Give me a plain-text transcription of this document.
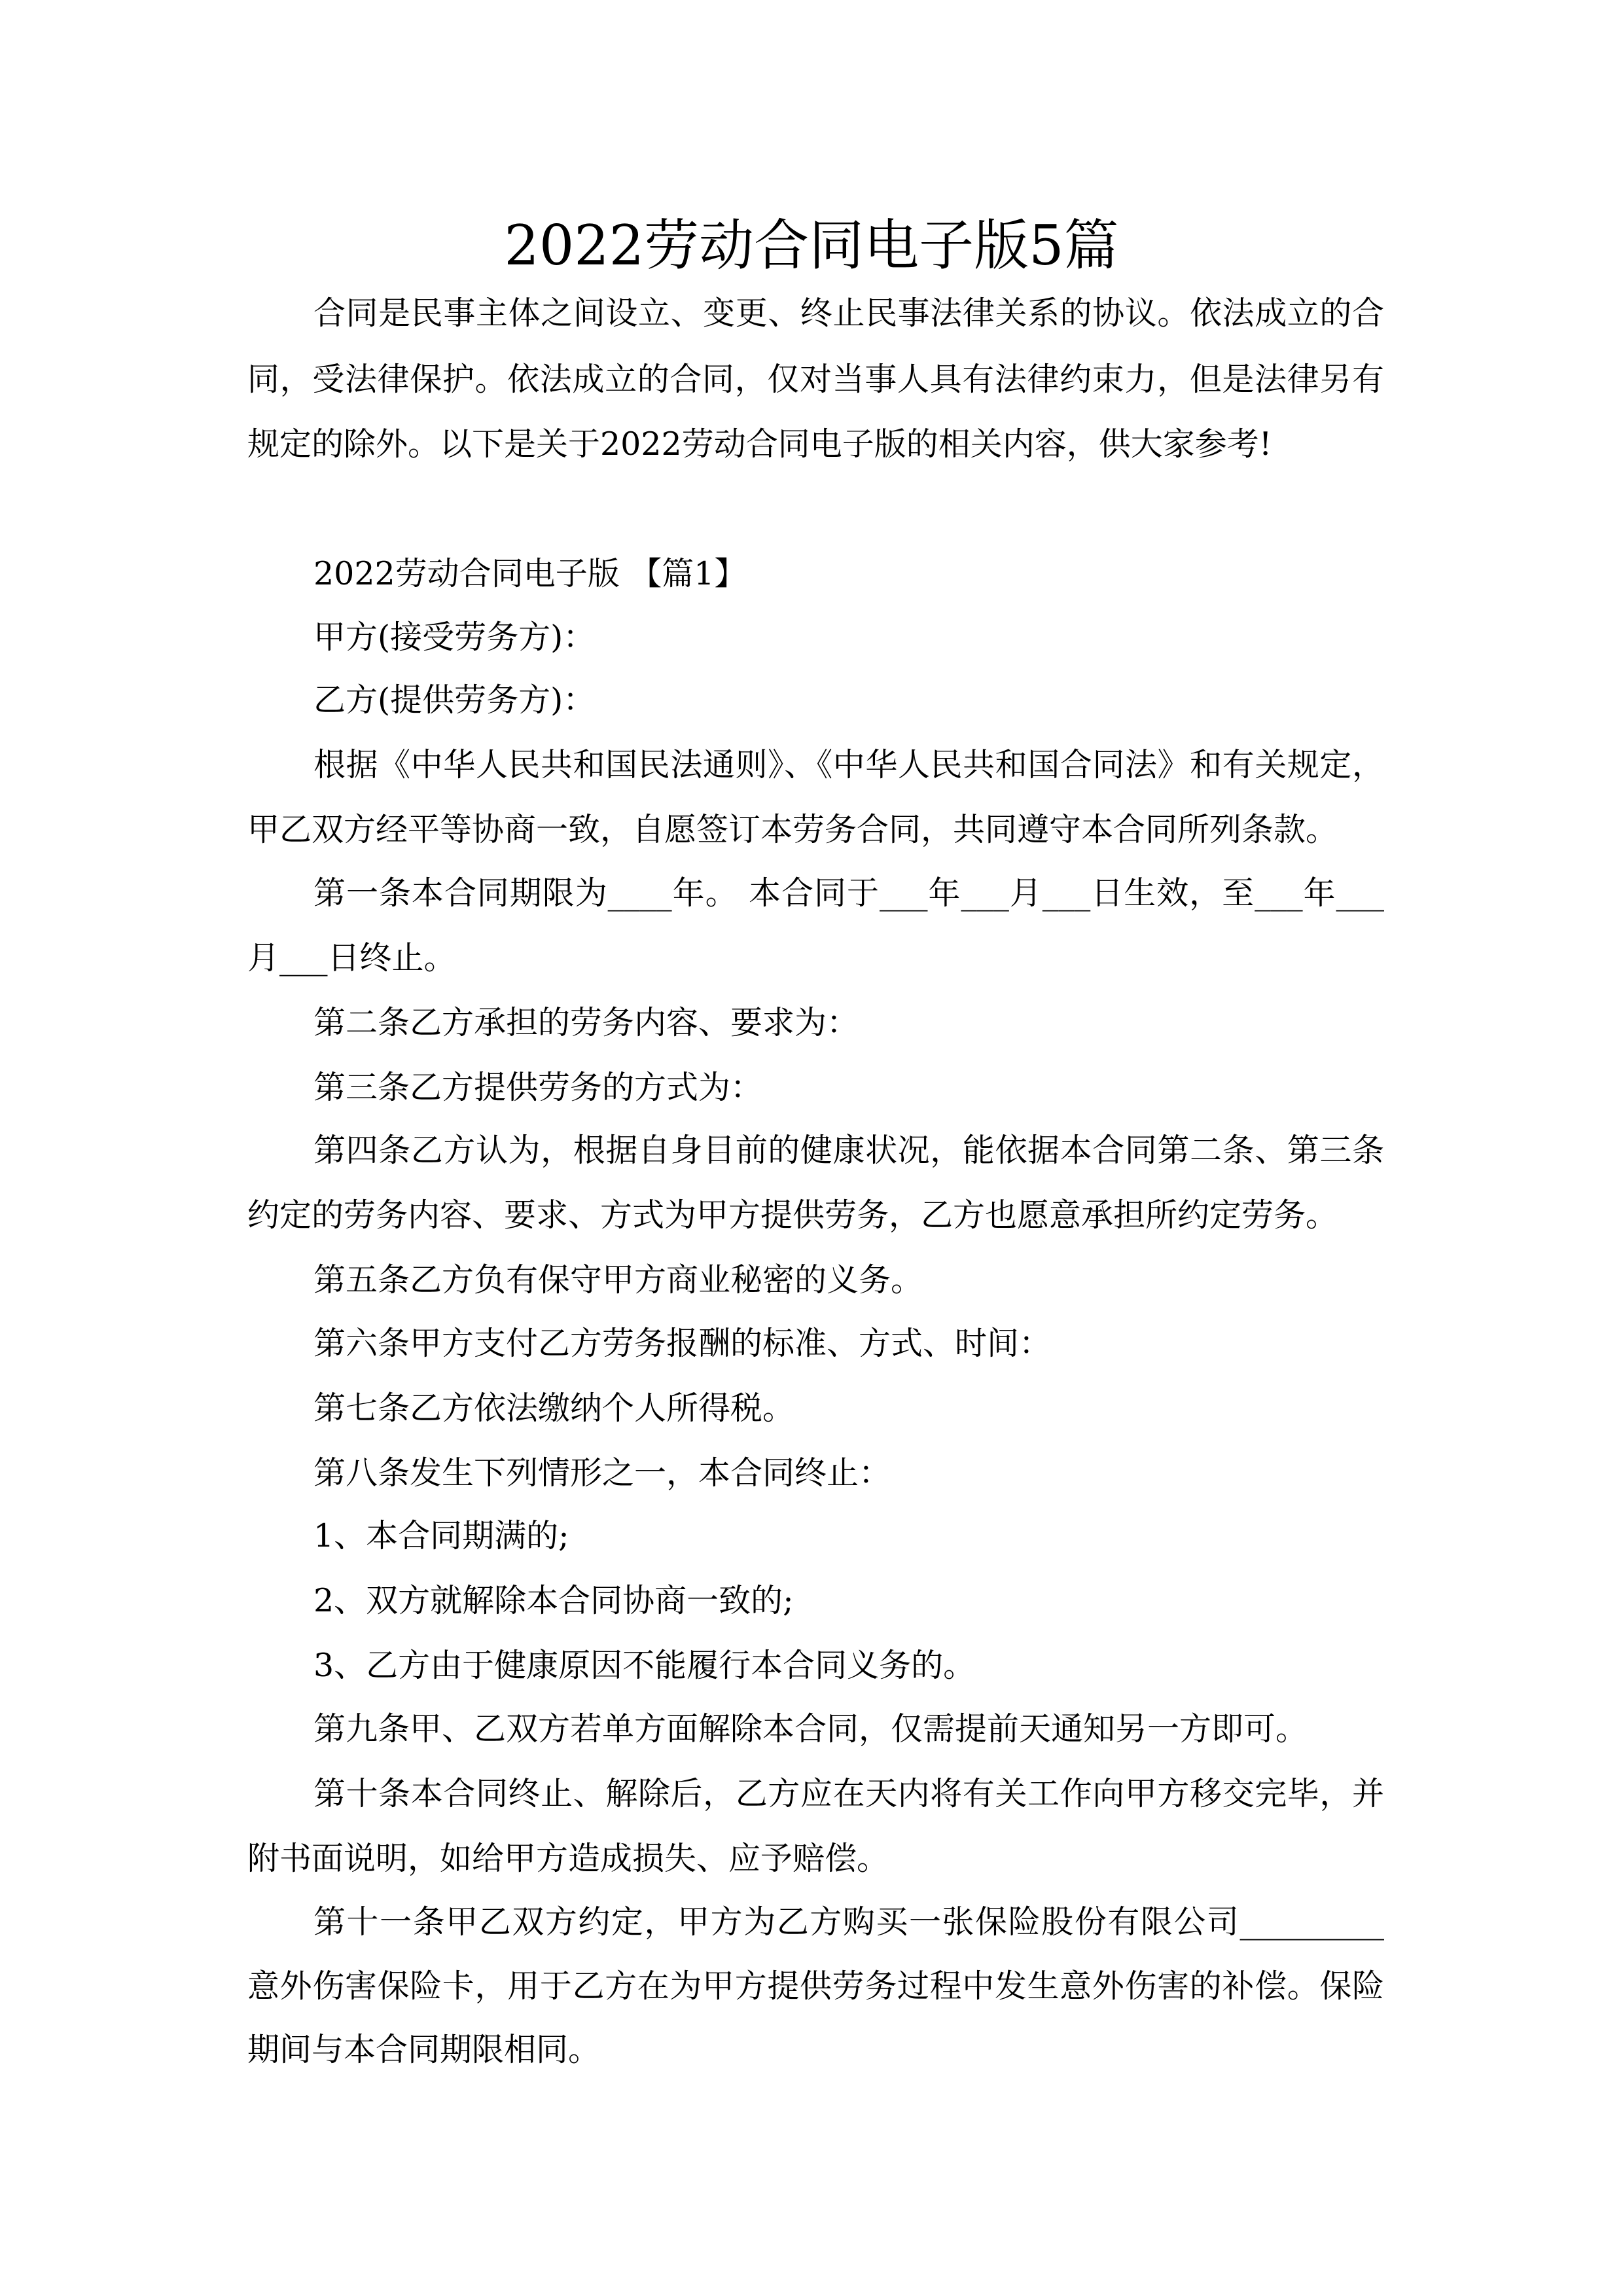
2022劳动合同电子版5篇
合同是民事主体之间设立、变更、终止民事法律关系的协议。依法成立的合
同，受法律保护。依法成立的合同，仅对当事人具有法律约束力，但是法律另有
规定的除外。以下是关于2022劳动合同电子版的相关内容，供大家参考!
2022劳动合同电子版 【篇1】
甲方(接受劳务方)：
乙方(提供劳务方)：
根据《中华人民共和国民法通则》、《中华人民共和国合同法》和有关规定，
甲乙双方经平等协商一致，自愿签订本劳务合同，共同遵守本合同所列条款。
第一条本合同期限为____年。 本合同于___年___月___日生效，至___年___
月___日终止。
第二条乙方承担的劳务内容、要求为：
第三条乙方提供劳务的方式为：
第四条乙方认为，根据自身目前的健康状况，能依据本合同第二条、第三条
约定的劳务内容、要求、方式为甲方提供劳务，乙方也愿意承担所约定劳务。
第五条乙方负有保守甲方商业秘密的义务。
第六条甲方支付乙方劳务报酬的标准、方式、时间：
第七条乙方依法缴纳个人所得税。
第八条发生下列情形之一，本合同终止：
1、本合同期满的;
2、双方就解除本合同协商一致的;
3、乙方由于健康原因不能履行本合同义务的。
第九条甲、乙双方若单方面解除本合同，仅需提前天通知另一方即可。
第十条本合同终止、解除后，乙方应在天内将有关工作向甲方移交完毕，并
附书面说明，如给甲方造成损失、应予赔偿。
第十一条甲乙双方约定，甲方为乙方购买一张保险股份有限公司_________
意外伤害保险卡，用于乙方在为甲方提供劳务过程中发生意外伤害的补偿。保险
期间与本合同期限相同。
